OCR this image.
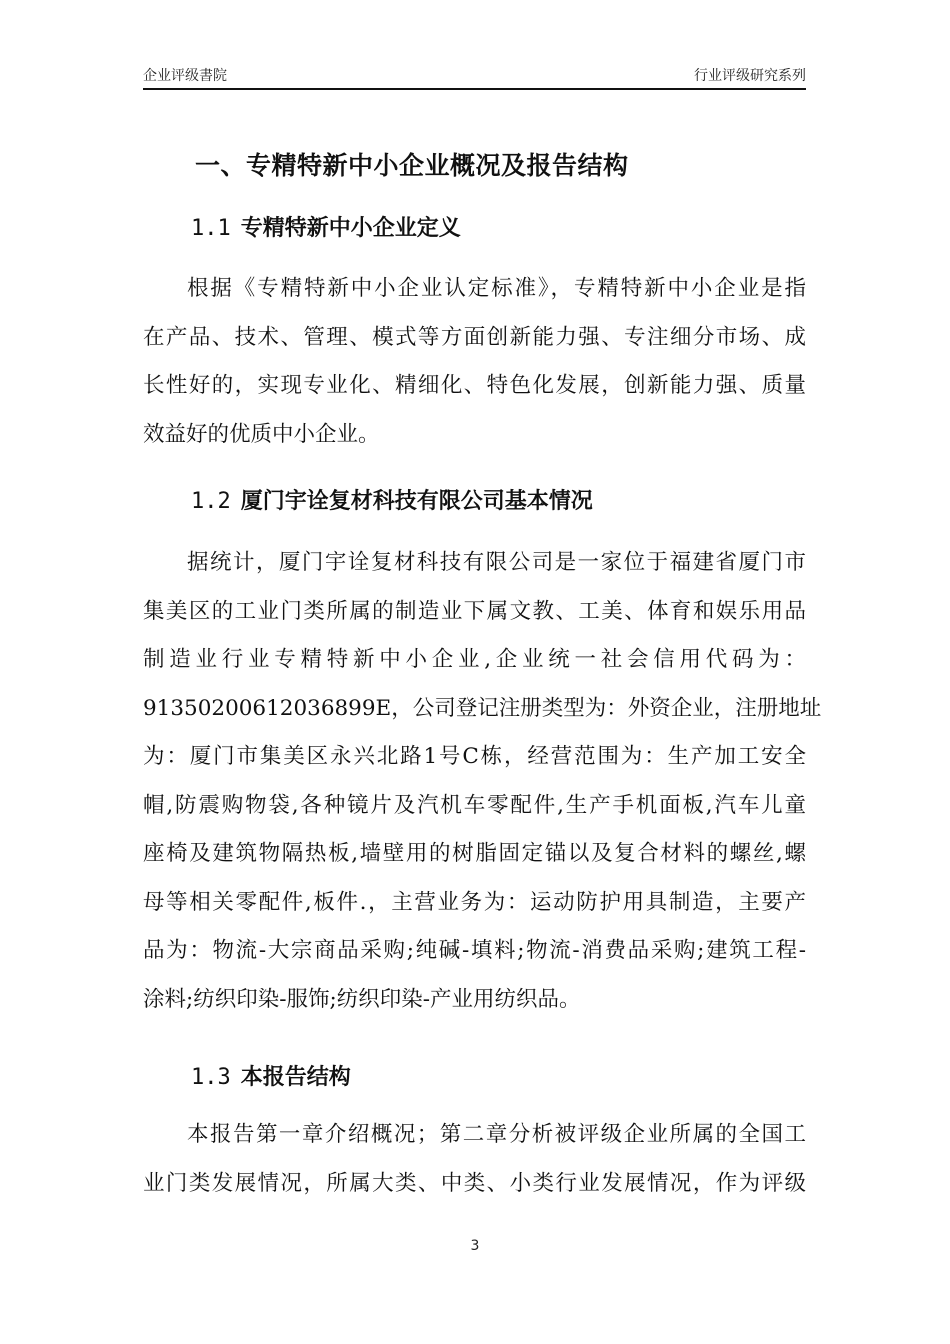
企业评级書院	行业评级研究系列
一、专精特新中小企业概况及报告结构
1.1 专精特新中小企业定义
根据《专精特新中小企业认定标准》，专精特新中小企业是指
在产品、技术、管理、模式等方面创新能力强、专注细分市场、成
长性好的，实现专业化、精细化、特色化发展，创新能力强、质量
效益好的优质中小企业。
1.2 厦门宇诠复材科技有限公司基本情况
据统计，厦门宇诠复材科技有限公司是一家位于福建省厦门市
集美区的工业门类所属的制造业下属文教、工美、体育和娱乐用品
制造业行业专精特新中小企业,企业统一社会信用代码为：
91350200612036899E，公司登记注册类型为：外资企业，注册地址
为：厦门市集美区永兴北路1号C栋，经营范围为：生产加工安全
帽,防震购物袋,各种镜片及汽机车零配件,生产手机面板,汽车儿童
座椅及建筑物隔热板,墙壁用的树脂固定锚以及复合材料的螺丝,螺
母等相关零配件,板件.，主营业务为：运动防护用具制造，主要产
品为：物流-大宗商品采购;纯碱-填料;物流-消费品采购;建筑工程-
涂料;纺织印染-服饰;纺织印染-产业用纺织品。
1.3 本报告结构
本报告第一章介绍概况；第二章分析被评级企业所属的全国工
业门类发展情况，所属大类、中类、小类行业发展情况，作为评级
3
